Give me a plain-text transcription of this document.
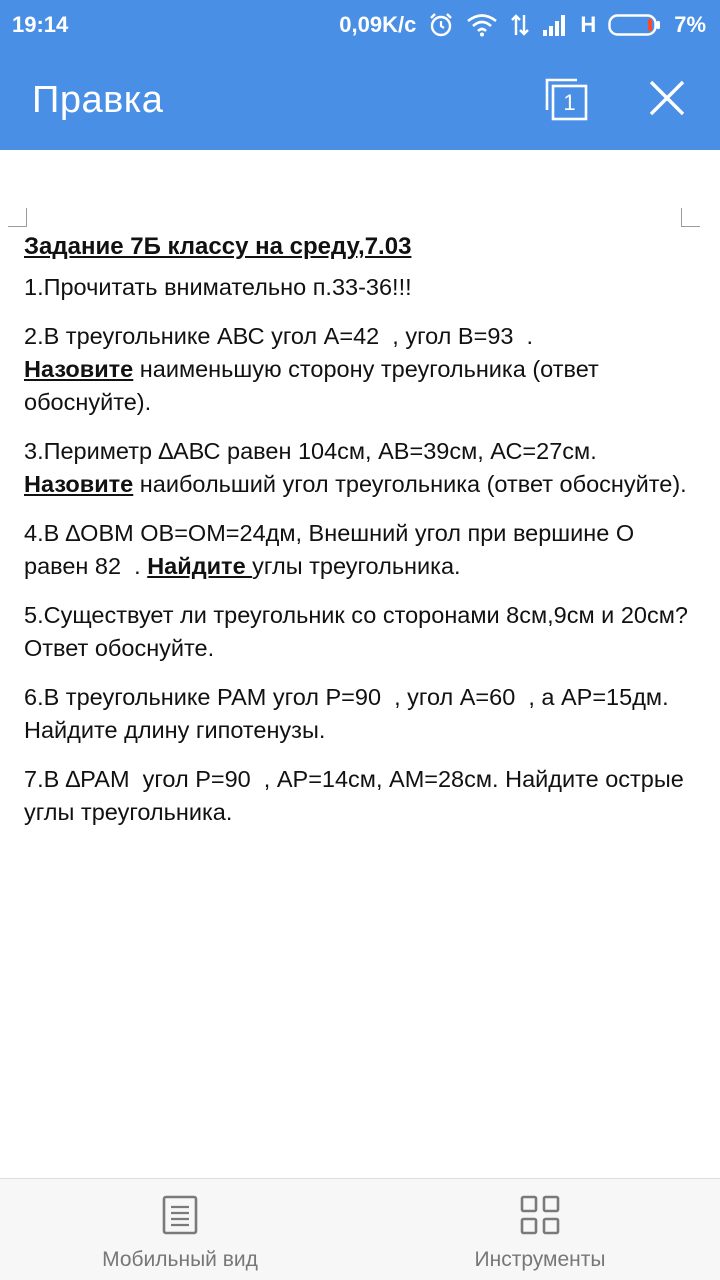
19:14	0,09K/с	H	7%
Правка	1
Задание 7Б классу на среду,7.03
1.Прочитать внимательно п.33-36!!!
2.В треугольнике АВС угол А=42  , угол В=93  .
Назовите наименьшую сторону треугольника (ответ обоснуйте).
3.Периметр ∆АВС равен 104см, АВ=39см, АС=27см.
Назовите наибольший угол треугольника (ответ обоснуйте).
4.В ∆ОВМ ОВ=ОМ=24дм, Внешний угол при вершине О равен 82  . Найдите углы треугольника.
5.Существует ли треугольник со сторонами 8см,9см и 20см? Ответ обоснуйте.
6.В треугольнике РАМ угол Р=90  , угол А=60  , а АР=15дм. Найдите длину гипотенузы.
7.В ∆РАМ  угол Р=90  , АР=14см, АМ=28см. Найдите острые углы треугольника.
Мобильный вид	Инструменты
